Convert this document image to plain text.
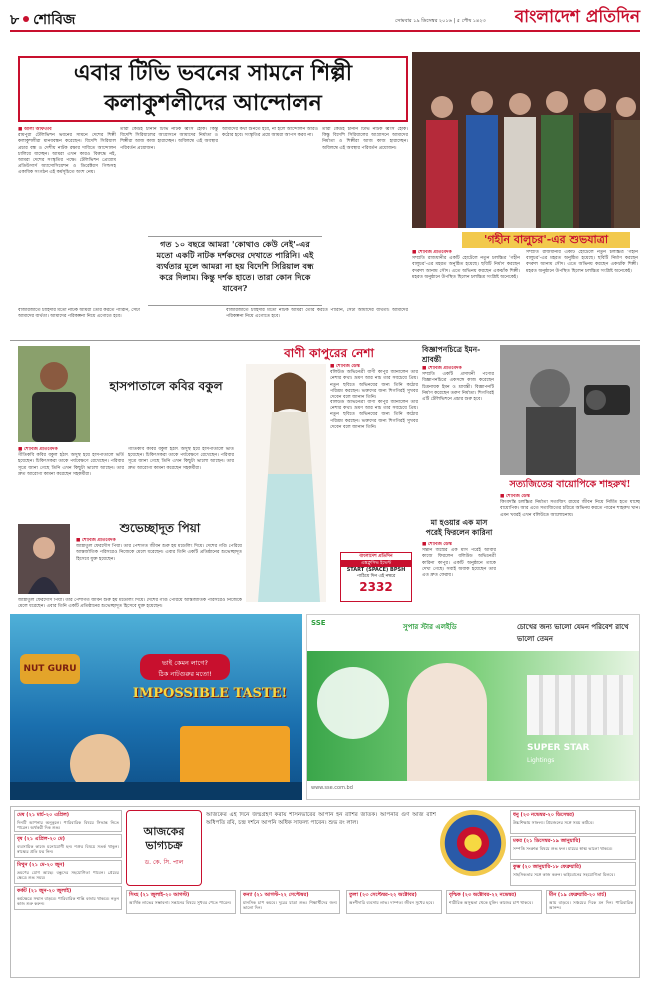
৮ শোবিজ	সোমবার ১৯ ডিসেম্বর ২০১৬ | ৫ পৌষ ১৪২৩ বাংলাদেশ প্রতিদিন
এবার টিভি ভবনের সামনে শিল্পী
কলাকুশলীদের আন্দোলন
'গহীন বালুচর'-এর শুভযাত্রা
■ আলী আফতাব
রামপুরা টেলিভিশন ভবনের সামনে দেশের শিল্পী কলাকুশলীরা মানববন্ধন করেছেন। বিদেশি সিরিয়াল প্রচার বন্ধ ও দেশীয় নাটক রক্ষার দাবিতে আন্দোলন চালিয়ে যাচ্ছেন। আমরা এখন কারও বিরুদ্ধে নই, আমরা দেশের সংস্কৃতির পক্ষে। টেলিভিশন প্রোগ্রাম প্রডিউসার্স অ্যাসোসিয়েশন ও ডিরেক্টরস গিল্ডসহ একাধিক সংগঠন এই কর্মসূচিতে অংশ নেয়।
তারা কেউই চাননি টিভি নাটক ধ্বংস হোক। কিন্তু বিদেশি সিরিয়ালের আগ্রাসনে আমাদের নির্মাতা ও শিল্পীরা আজ কাজ হারাচ্ছেন। অবিলম্বে এই অবস্থার পরিবর্তন প্রয়োজন।
আমাদের কথা শুনতে হবে, না হলে আন্দোলন আরও কঠোর হবে। সংস্কৃতির প্রশ্নে আমরা আপস করব না।
তারা কেউই চাননি টিভি নাটক ধ্বংস হোক। কিন্তু বিদেশি সিরিয়ালের আগ্রাসনে আমাদের নির্মাতা ও শিল্পীরা আজ কাজ হারাচ্ছেন। অবিলম্বে এই অবস্থার পরিবর্তন প্রয়োজন।
গত ১০ বছরে আমরা 'কোথাও কেউ নেই'-এর মতো একটি নাটক দর্শকদের দেখাতে পারিনি। এই ব্যর্থতার মূলে আমরা না হয় বিদেশি সিরিয়াল বন্ধ করে দিলাম। কিন্তু দর্শক হাতে। তারা কোন দিকে যাবেন?
বাজারজাতে চাহিদার মতো নাটক আমরা তৈরি করতে পারিনি, সেটা আমাদের ব্যর্থতা। আমাদের পরিকল্পনা নিয়ে এগোতে হবে।
বাজারজাতে চাহিদার মতো নাটক আমরা তৈরি করতে পারিনি, সেটা আমাদের ব্যর্থতা। আমাদের পরিকল্পনা নিয়ে এগোতে হবে।
■ শোবিজ প্রতিবেদক
সম্প্রতি রাজধানীর একটি হোটেলে নতুন চলচ্চিত্র 'গহীন বালুচর'-এর মহরত অনুষ্ঠিত হয়েছে। ছবিটি নির্মাণ করছেন বদরুল আনাম সৌদ। এতে অভিনয় করছেন একঝাঁক শিল্পী। মহরত অনুষ্ঠানে উপস্থিত ছিলেন চলচ্চিত্র সংশ্লিষ্ট অনেকেই।
সম্প্রতি রাজধানীর একটি হোটেলে নতুন চলচ্চিত্র 'গহীন বালুচর'-এর মহরত অনুষ্ঠিত হয়েছে। ছবিটি নির্মাণ করছেন বদরুল আনাম সৌদ। এতে অভিনয় করছেন একঝাঁক শিল্পী। মহরত অনুষ্ঠানে উপস্থিত ছিলেন চলচ্চিত্র সংশ্লিষ্ট অনেকেই।
হাসপাতালে কবির বকুল
■ শোবিজ প্রতিবেদক
গীতিকবি কবির বকুল হঠাৎ অসুস্থ হয়ে হাসপাতালে ভর্তি হয়েছেন। চিকিৎসকরা তাকে পর্যবেক্ষণে রেখেছেন। পরিবার সূত্রে জানা গেছে তিনি এখন কিছুটা ভালো আছেন। তার দ্রুত আরোগ্য কামনা করেছেন সহকর্মীরা।
গীতিকবি কবির বকুল হঠাৎ অসুস্থ হয়ে হাসপাতালে ভর্তি হয়েছেন। চিকিৎসকরা তাকে পর্যবেক্ষণে রেখেছেন। পরিবার সূত্রে জানা গেছে তিনি এখন কিছুটা ভালো আছেন। তার দ্রুত আরোগ্য কামনা করেছেন সহকর্মীরা।
শুভেচ্ছাদূত পিয়া
■ শোবিজ প্রতিবেদক
জান্নাতুল ফেরদৌস পিয়া। তার পেশাগত জীবন শুরু হয় মডেলিং দিয়ে। দেশের গণ্ডি পেরিয়ে আন্তর্জাতিক পরিসরেও নিজেকে মেলে ধরেছেন। এবার তিনি একটি প্রতিষ্ঠানের শুভেচ্ছাদূত হিসেবে যুক্ত হয়েছেন।
জান্নাতুল ফেরদৌস পিয়া। তার পেশাগত জীবন শুরু হয় মডেলিং দিয়ে। দেশের গণ্ডি পেরিয়ে আন্তর্জাতিক পরিসরেও নিজেকে মেলে ধরেছেন। এবার তিনি একটি প্রতিষ্ঠানের শুভেচ্ছাদূত হিসেবে যুক্ত হয়েছেন।
বাণী কাপুরের নেশা
■ শোবিজ ডেস্ক
বলিউড অভিনেত্রী বাণী কাপুর জানালেন তার নেশার কথা। ভ্রমণ আর নাচ তার সবচেয়ে প্রিয়। নতুন ছবিতে অভিনয়ের জন্য তিনি কঠোর পরিশ্রম করছেন। ভক্তদের জন্য শিগগিরই সুখবর দেবেন বলে জানান তিনি।
বলিউড অভিনেত্রী বাণী কাপুর জানালেন তার নেশার কথা। ভ্রমণ আর নাচ তার সবচেয়ে প্রিয়। নতুন ছবিতে অভিনয়ের জন্য তিনি কঠোর পরিশ্রম করছেন। ভক্তদের জন্য শিগগিরই সুখবর দেবেন বলে জানান তিনি।
বাংলাদেশ প্রতিদিন
এক্সক্লুসিভ ইভেন্ট
START (SPACE) BPSH
পাঠিয়ে দিন এই নম্বরে
2332
বিজ্ঞাপনচিত্রে ইমন- শ্রাবন্তী
■ শোবিজ প্রতিবেদক
সম্প্রতি একটি প্রসাধনী পণ্যের বিজ্ঞাপনচিত্রে একসঙ্গে কাজ করেছেন চিত্রনায়ক ইমন ও শ্রাবন্তী। বিজ্ঞাপনটি নির্মাণ করেছেন তরুণ নির্মাতা। শিগগিরই এটি টেলিভিশনে প্রচার শুরু হবে।
মা হওয়ার এক মাস পরেই ফিরলেন কারিনা
■ শোবিজ ডেস্ক
সন্তান জন্মের এক মাস পরেই আবার কাজে ফিরলেন বলিউড অভিনেত্রী কারিনা কাপুর। একটি অনুষ্ঠানে তাকে দেখা গেছে। সবাই অবাক হয়েছেন তার এত দ্রুত ফেরায়।
সত্যজিতের বায়োপিকে শাহরুখ!
■ শোবিজ ডেস্ক
কিংবদন্তি চলচ্চিত্র নির্মাতা সত্যজিৎ রায়ের জীবন নিয়ে নির্মিত হতে যাচ্ছে বায়োপিক। আর এতে সত্যজিতের চরিত্রে অভিনয় করতে পারেন শাহরুখ খান। এমন খবরই এখন বলিউডে আলোচনায়।
NUT GURU
ভাই কেমন লাগে?
ঠিক নাটগুরুর মতো!
IMPOSSIBLE TASTE!
SSE	সুপার স্টার এলইডি	চোখের জন্য ভালো যেমন পরিবেশ রাখে ভালো তেমন
SUPER STAR
Lightings
www.sse.com.bd
আজকের ভাগ্যচক্র
ড. কে. সি. পাল
আজকের এই দিনে জন্মগ্রহণ করায় শাসনভারের আপনি হন রাশির জাতক। আপনার গুণ আজ রাশি অধিপতি রবি, চন্দ্র দর্শনে আপনি অধিক সাফল্য পাবেন। শুভ রং লাল।
মেষ (২১ মার্চ-২০ এপ্রিল)
দিনটি আপনার অনুকূলে। পারিবারিক বিষয়ে সিদ্ধান্ত নিতে পারেন। অর্থকরী দিক শুভ।
বৃষ (২১ এপ্রিল-২০ মে)
ব্যবসায়িক কাজে মনোযোগী হন। শত্রুর বিষয়ে সতর্ক থাকুন। স্বাস্থ্যের প্রতি যত্ন নিন।
মিথুন (২১ মে-২০ জুন)
ভ্রমণের যোগ আছে। বন্ধুদের সহযোগিতা পাবেন। প্রেমের ক্ষেত্রে শুভ সময়।
কর্কট (২১ জুন-২০ জুলাই)
কর্মক্ষেত্রে সম্মান বাড়বে। পারিবারিক শান্তি বজায় থাকবে। নতুন কাজ শুরু করুন।
সিংহ (২১ জুলাই-২০ আগস্ট)
আর্থিক লাভের সম্ভাবনা। সন্তানের বিষয়ে সুখবর পেতে পারেন।
কন্যা (২১ আগস্ট-২২ সেপ্টেম্বর)
মানসিক চাপ কমবে। দূরের যাত্রা শুভ। শিক্ষার্থীদের জন্য ভালো দিন।
তুলা (২৩ সেপ্টেম্বর-২২ অক্টোবর)
অংশীদারি ব্যবসায় লাভ। দাম্পত্য জীবন সুখের হবে।
বৃশ্চিক (২৩ অক্টোবর-২২ নভেম্বর)
শারীরিক অসুস্থতা থেকে মুক্তি। কাজের চাপ থাকবে।
ধনু (২৩ নভেম্বর-২০ ডিসেম্বর)
উচ্চশিক্ষায় সাফল্য। প্রিয়জনের সঙ্গে সময় কাটবে।
মকর (২১ ডিসেম্বর-১৯ জানুয়ারি)
সম্পত্তি সংক্রান্ত বিষয়ে শুভ ফল। মায়ের স্বাস্থ্য ভালো থাকবে।
কুম্ভ (২০ জানুয়ারি-১৮ ফেব্রুয়ারি)
সাহসিকতার সঙ্গে কাজ করুন। ভাইবোনের সহযোগিতা মিলবে।
মীন (১৯ ফেব্রুয়ারি-২০ মার্চ)
আয় বাড়বে। সঞ্চয়ের দিকে মন দিন। পারিবারিক আনন্দ।
